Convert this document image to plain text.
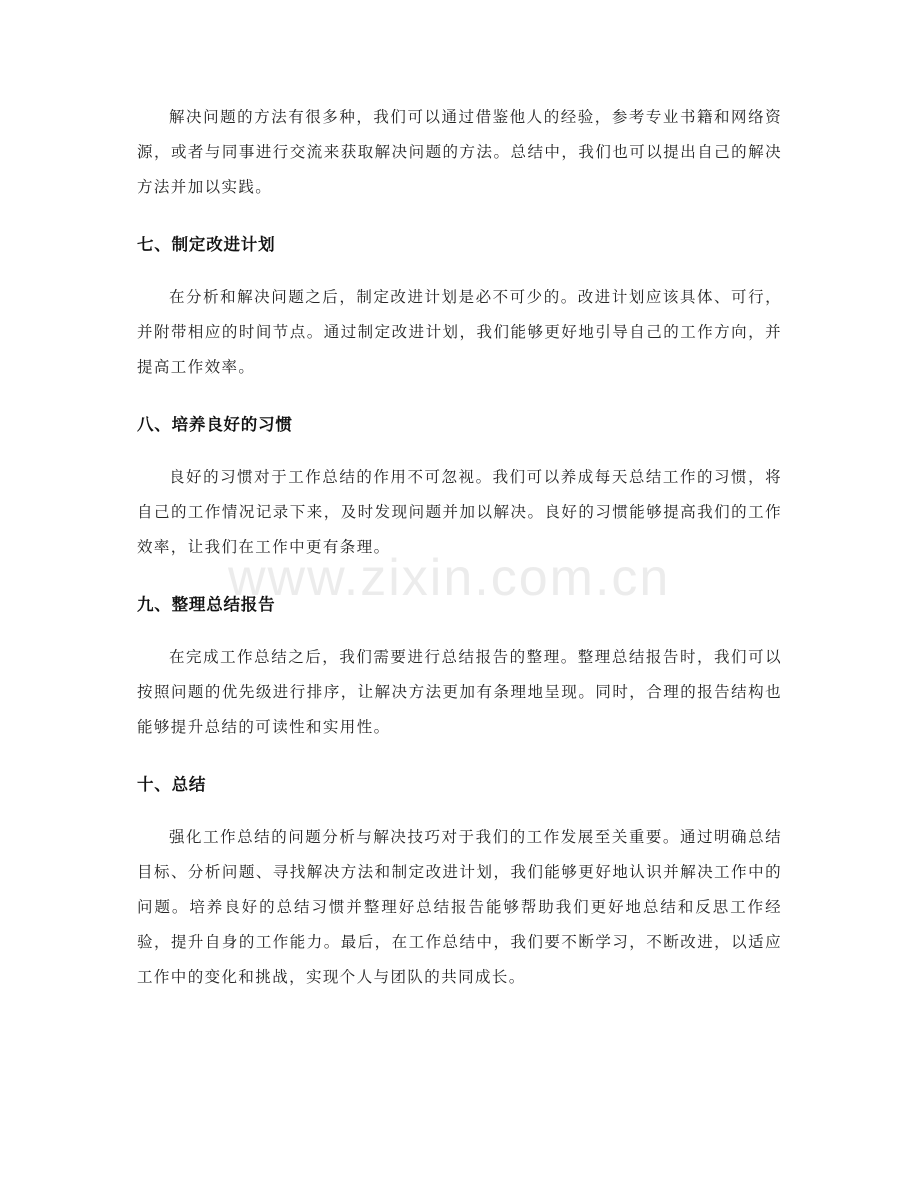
解决问题的方法有很多种，我们可以通过借鉴他人的经验，参考专业书籍和网络资源，或者与同事进行交流来获取解决问题的方法。总结中，我们也可以提出自己的解决方法并加以实践。

七、制定改进计划

在分析和解决问题之后，制定改进计划是必不可少的。改进计划应该具体、可行，并附带相应的时间节点。通过制定改进计划，我们能够更好地引导自己的工作方向，并提高工作效率。

八、培养良好的习惯

良好的习惯对于工作总结的作用不可忽视。我们可以养成每天总结工作的习惯，将自己的工作情况记录下来，及时发现问题并加以解决。良好的习惯能够提高我们的工作效率，让我们在工作中更有条理。

九、整理总结报告

在完成工作总结之后，我们需要进行总结报告的整理。整理总结报告时，我们可以按照问题的优先级进行排序，让解决方法更加有条理地呈现。同时，合理的报告结构也能够提升总结的可读性和实用性。

十、总结

强化工作总结的问题分析与解决技巧对于我们的工作发展至关重要。通过明确总结目标、分析问题、寻找解决方法和制定改进计划，我们能够更好地认识并解决工作中的问题。培养良好的总结习惯并整理好总结报告能够帮助我们更好地总结和反思工作经验，提升自身的工作能力。最后，在工作总结中，我们要不断学习，不断改进，以适应工作中的变化和挑战，实现个人与团队的共同成长。

www.zixin.com.cn
